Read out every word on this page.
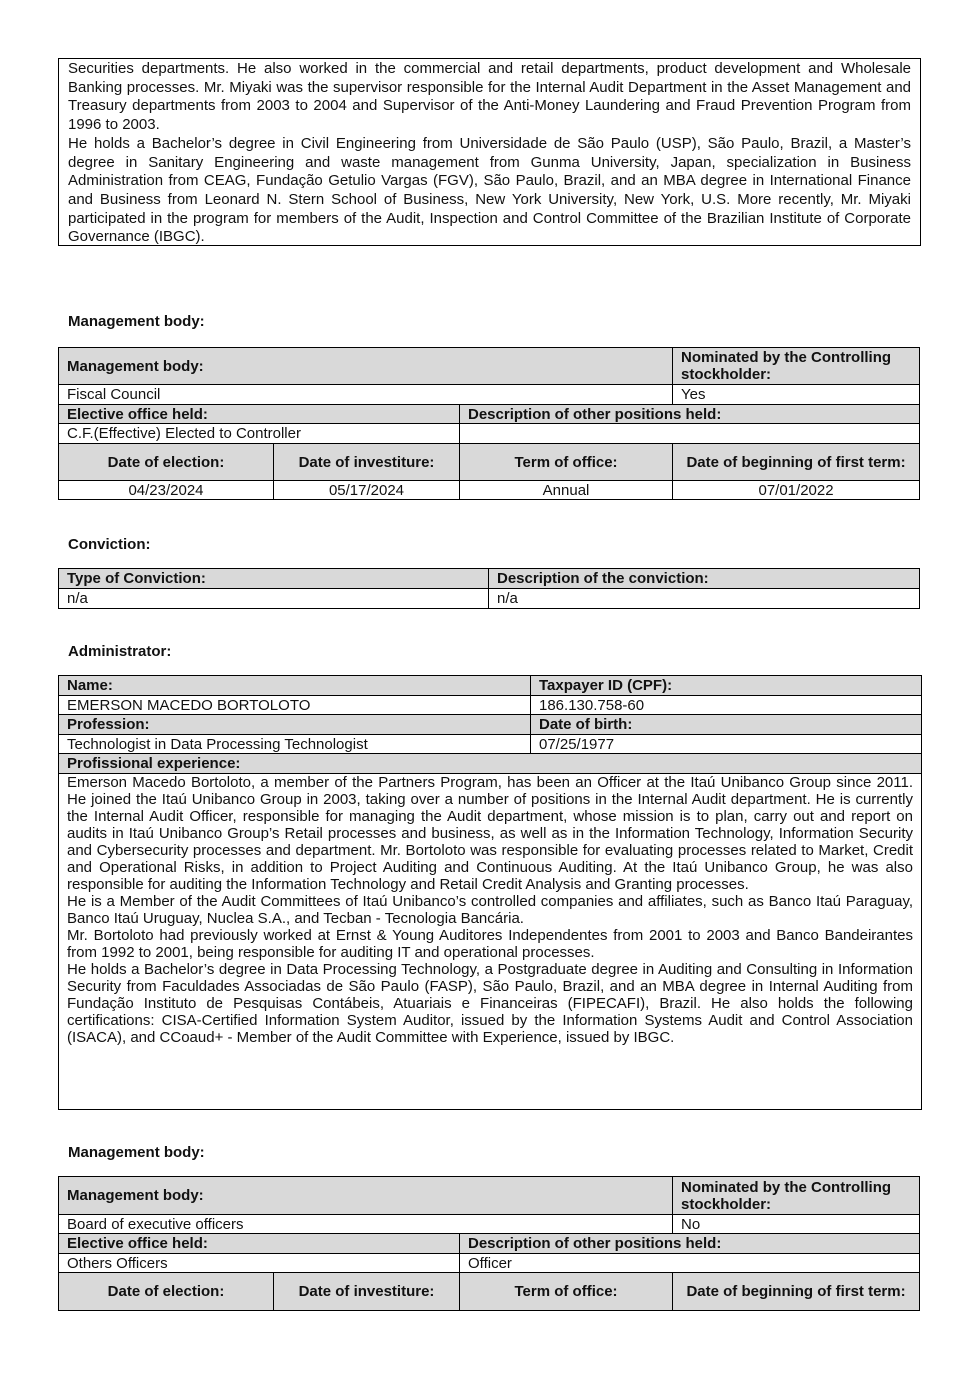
Securities departments. He also worked in the commercial and retail departments, product development and Wholesale Banking processes. Mr. Miyaki was the supervisor responsible for the Internal Audit Department in the Asset Management and Treasury departments from 2003 to 2004 and Supervisor of the Anti-Money Laundering and Fraud Prevention Program from 1996 to 2003.

He holds a Bachelor’s degree in Civil Engineering from Universidade de São Paulo (USP), São Paulo, Brazil, a Master’s degree in Sanitary Engineering and waste management from Gunma University, Japan, specialization in Business Administration from CEAG, Fundação Getulio Vargas (FGV), São Paulo, Brazil, and an MBA degree in International Finance and Business from Leonard N. Stern School of Business, New York University, New York, U.S. More recently, Mr. Miyaki participated in the program for members of the Audit, Inspection and Control Committee of the Brazilian Institute of Corporate Governance (IBGC).

Management body:
Management body:			Nominated by the Controlling stockholder:
Fiscal Council			Yes
Elective office held:		Description of other positions held:	
C.F.(Effective) Elected to Controller			
Date of election:	Date of investiture:	Term of office:	Date of beginning of first term:
04/23/2024	05/17/2024	Annual	07/01/2022
Conviction:
Type of Conviction:	Description of the conviction:
n/a	n/a
Administrator:
Name:	Taxpayer ID (CPF):
EMERSON MACEDO BORTOLOTO	186.130.758-60
Profession:	Date of birth:
Technologist in Data Processing Technologist	07/25/1977
Profissional experience:	

Emerson Macedo Bortoloto, a member of the Partners Program, has been an Officer at the Itaú Unibanco Group since 2011. He joined the Itaú Unibanco Group in 2003, taking over a number of positions in the Internal Audit department. He is currently the Internal Audit Officer, responsible for managing the Audit department, whose mission is to plan, carry out and report on audits in Itaú Unibanco Group’s Retail processes and business, as well as in the Information Technology, Information Security and Cybersecurity processes and department. Mr. Bortoloto was responsible for evaluating processes related to Market, Credit and Operational Risks, in addition to Project Auditing and Continuous Auditing. At the Itaú Unibanco Group, he was also responsible for auditing the Information Technology and Retail Credit Analysis and Granting processes.
He is a Member of the Audit Committees of Itaú Unibanco’s controlled companies and affiliates, such as Banco Itaú Paraguay, Banco Itaú Uruguay, Nuclea S.A., and Tecban - Tecnologia Bancária.
Mr. Bortoloto had previously worked at Ernst & Young Auditores Independentes from 2001 to 2003 and Banco Bandeirantes from 1992 to 2001, being responsible for auditing IT and operational processes.
He holds a Bachelor’s degree in Data Processing Technology, a Postgraduate degree in Auditing and Consulting in Information Security from Faculdades Associadas de São Paulo (FASP), São Paulo, Brazil, and an MBA degree in Internal Auditing from Fundação Instituto de Pesquisas Contábeis, Atuariais e Financeiras (FIPECAFI), Brazil. He also holds the following certifications: CISA-Certified Information System Auditor, issued by the Information Systems Audit and Control Association (ISACA), and CCoaud+ - Member of the Audit Committee with Experience, issued by IBGC.	
Management body:
Management body:			Nominated by the Controlling stockholder:
Board of executive officers			No
Elective office held:		Description of other positions held:	
Others Officers		Officer	
Date of election:	Date of investiture:	Term of office:	Date of beginning of first term:
